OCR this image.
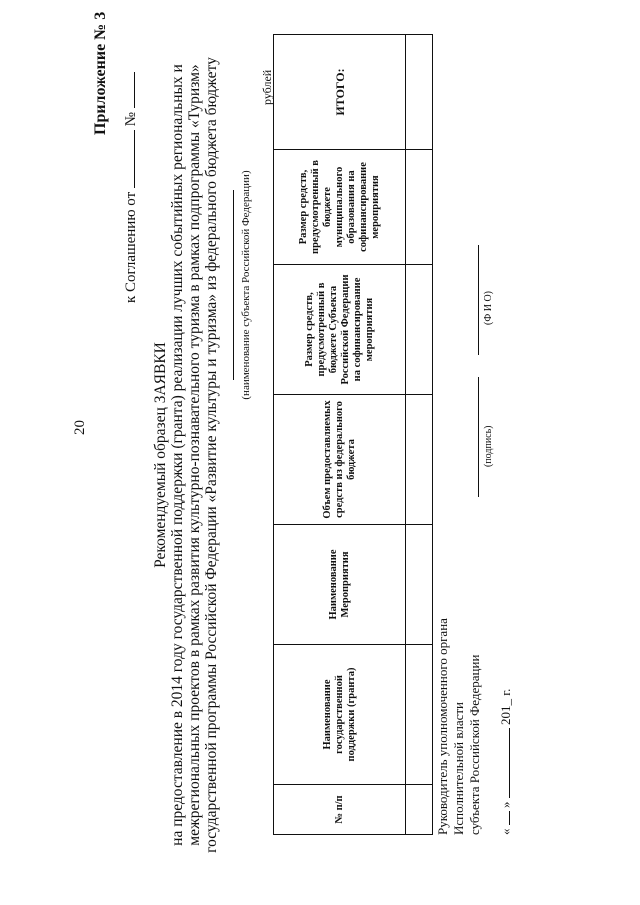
20
Приложение № 3
к Соглашению от  №
Рекомендуемый образец ЗАЯВКИ на предоставление в 2014 году государственной поддержки (гранта) реализации лучших событийных региональных и межрегиональных проектов в рамках развития культурно-познавательного туризма в рамках подпрограммы «Туризм» государственной программы Российской Федерации «Развитие культуры и туризма» из федерального бюджета бюджету (наименование субъекта Российской Федерации)
рублей
№ п/п	Наименование государственной поддержки (гранта)	Наименование Мероприятия	Объем предоставляемых средств из федерального бюджета	Размер средств, предусмотренный в бюджете Субъекта Российской Федерации на софинансирование мероприятия	Размер средств, предусмотренный в бюджете муниципального образования на софинансирование мероприятия	ИТОГО:

Руководитель уполномоченного органа Исполнительной власти субъекта Российской Федерации
(подпись)
(Ф И О)
«  »  201_ г.
